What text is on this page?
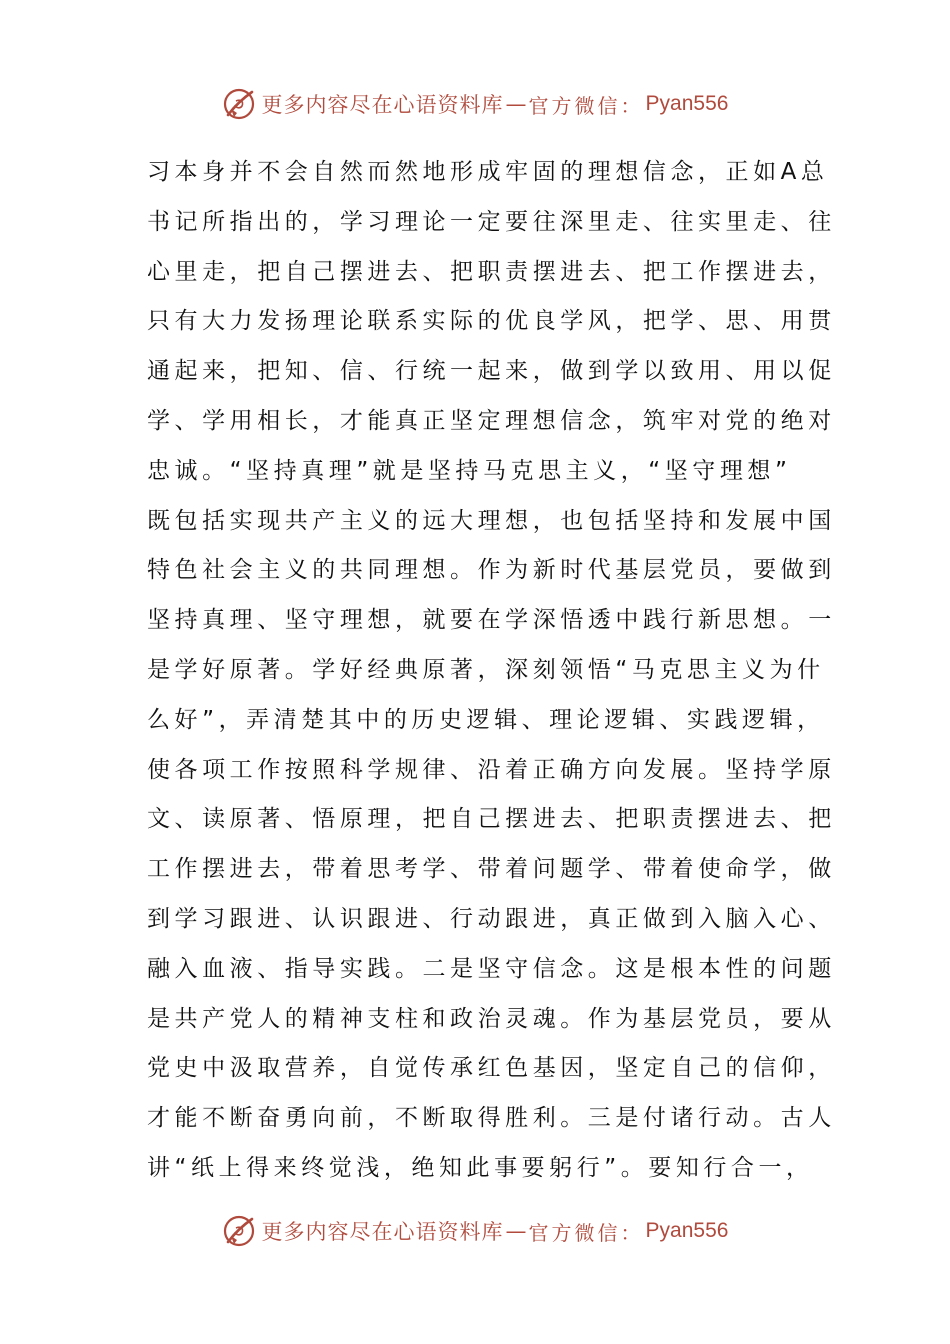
更多内容尽在心语资料库 — 官方微信： Pyan556
习本身并不会自然而然地形成牢固的理想信念，正如A总
书记所指出的，学习理论一定要往深里走、往实里走、往
心里走，把自己摆进去、把职责摆进去、把工作摆进去，
只有大力发扬理论联系实际的优良学风，把学、思、用贯
通起来，把知、信、行统一起来，做到学以致用、用以促
学、学用相长，才能真正坚定理想信念，筑牢对党的绝对
忠诚。“坚持真理”就是坚持马克思主义，“坚守理想”
既包括实现共产主义的远大理想，也包括坚持和发展中国
特色社会主义的共同理想。作为新时代基层党员，要做到
坚持真理、坚守理想，就要在学深悟透中践行新思想。一
是学好原著。学好经典原著，深刻领悟“马克思主义为什
么好”，弄清楚其中的历史逻辑、理论逻辑、实践逻辑，
使各项工作按照科学规律、沿着正确方向发展。坚持学原
文、读原著、悟原理，把自己摆进去、把职责摆进去、把
工作摆进去，带着思考学、带着问题学、带着使命学，做
到学习跟进、认识跟进、行动跟进，真正做到入脑入心、
融入血液、指导实践。二是坚守信念。这是根本性的问题
是共产党人的精神支柱和政治灵魂。作为基层党员，要从
党史中汲取营养，自觉传承红色基因，坚定自己的信仰，
才能不断奋勇向前，不断取得胜利。三是付诸行动。古人
讲“纸上得来终觉浅，绝知此事要躬行”。要知行合一，
更多内容尽在心语资料库 — 官方微信： Pyan556
